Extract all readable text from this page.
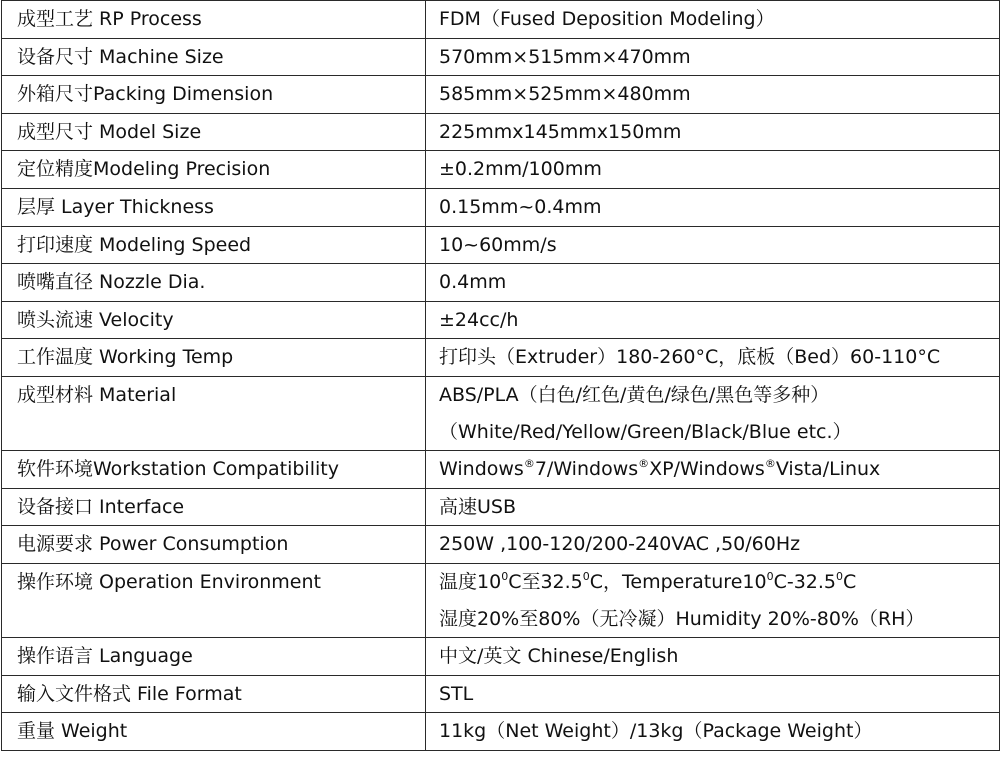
成型工艺 RP Process	FDM（Fused Deposition Modeling）
设备尺寸 Machine Size	570mm×515mm×470mm
外箱尺寸Packing Dimension	585mm×525mm×480mm
成型尺寸 Model Size	225mmx145mmx150mm
定位精度Modeling Precision	±0.2mm/100mm
层厚 Layer Thickness	0.15mm~0.4mm
打印速度 Modeling Speed	10~60mm/s
喷嘴直径 Nozzle Dia.	0.4mm
喷头流速 Velocity	±24cc/h
工作温度 Working Temp	打印头（Extruder）180-260°C，底板（Bed）60-110°C
成型材料 Material	ABS/PLA（白色/红色/黄色/绿色/黑色等多种）
（White/Red/Yellow/Green/Black/Blue etc.）

软件环境Workstation Compatibility	Windows®7/Windows®XP/Windows®Vista/Linux
设备接口 Interface	高速USB
电源要求 Power Consumption	250W ,100-120/200-240VAC ,50/60Hz
操作环境 Operation Environment	温度$10^0C$至32.5$^0$C，$Temperature10^0C-32.5^0C$
湿度20%至80%（无冷凝）Humidity 20%-80%（RH）

操作语言 Language	中文/英文 Chinese/English
输入文件格式 File Format	STL
重量 Weight	11kg（Net Weight）/13kg（Package Weight）
